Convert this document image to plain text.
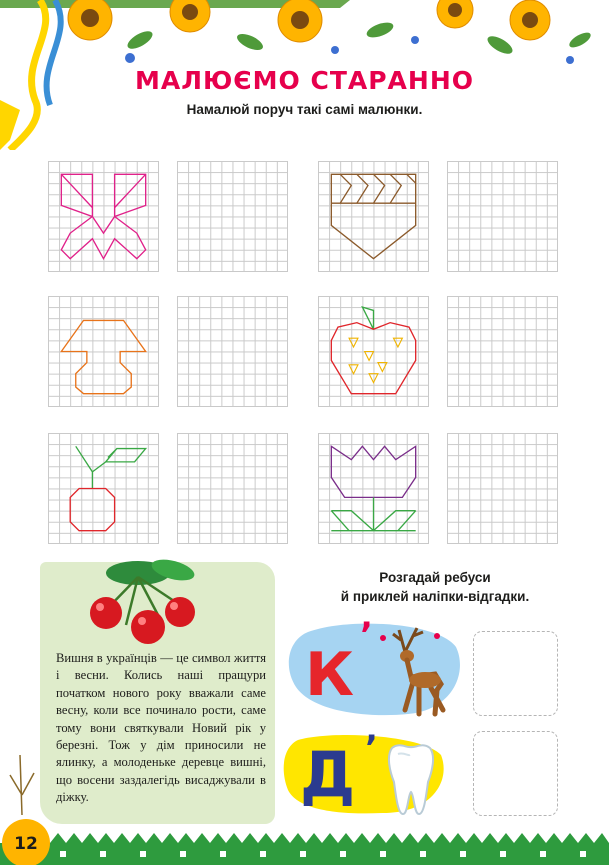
МАЛЮЄМО СТАРАННО
Намалюй поруч такі самі малюнки.
Вишня в українців — це символ життя і весни. Колись наші пращури початком нового року вважали саме весну, коли все починало рости, саме тому вони святкували Новий рік у березні. Тож у дім приносили не ялинку, а молоденьке деревце вишні, що восени заздалегідь висаджували в діжку.
Розгадай ребуси
й приклей наліпки-відгадки.
К
’
Д ’
12
